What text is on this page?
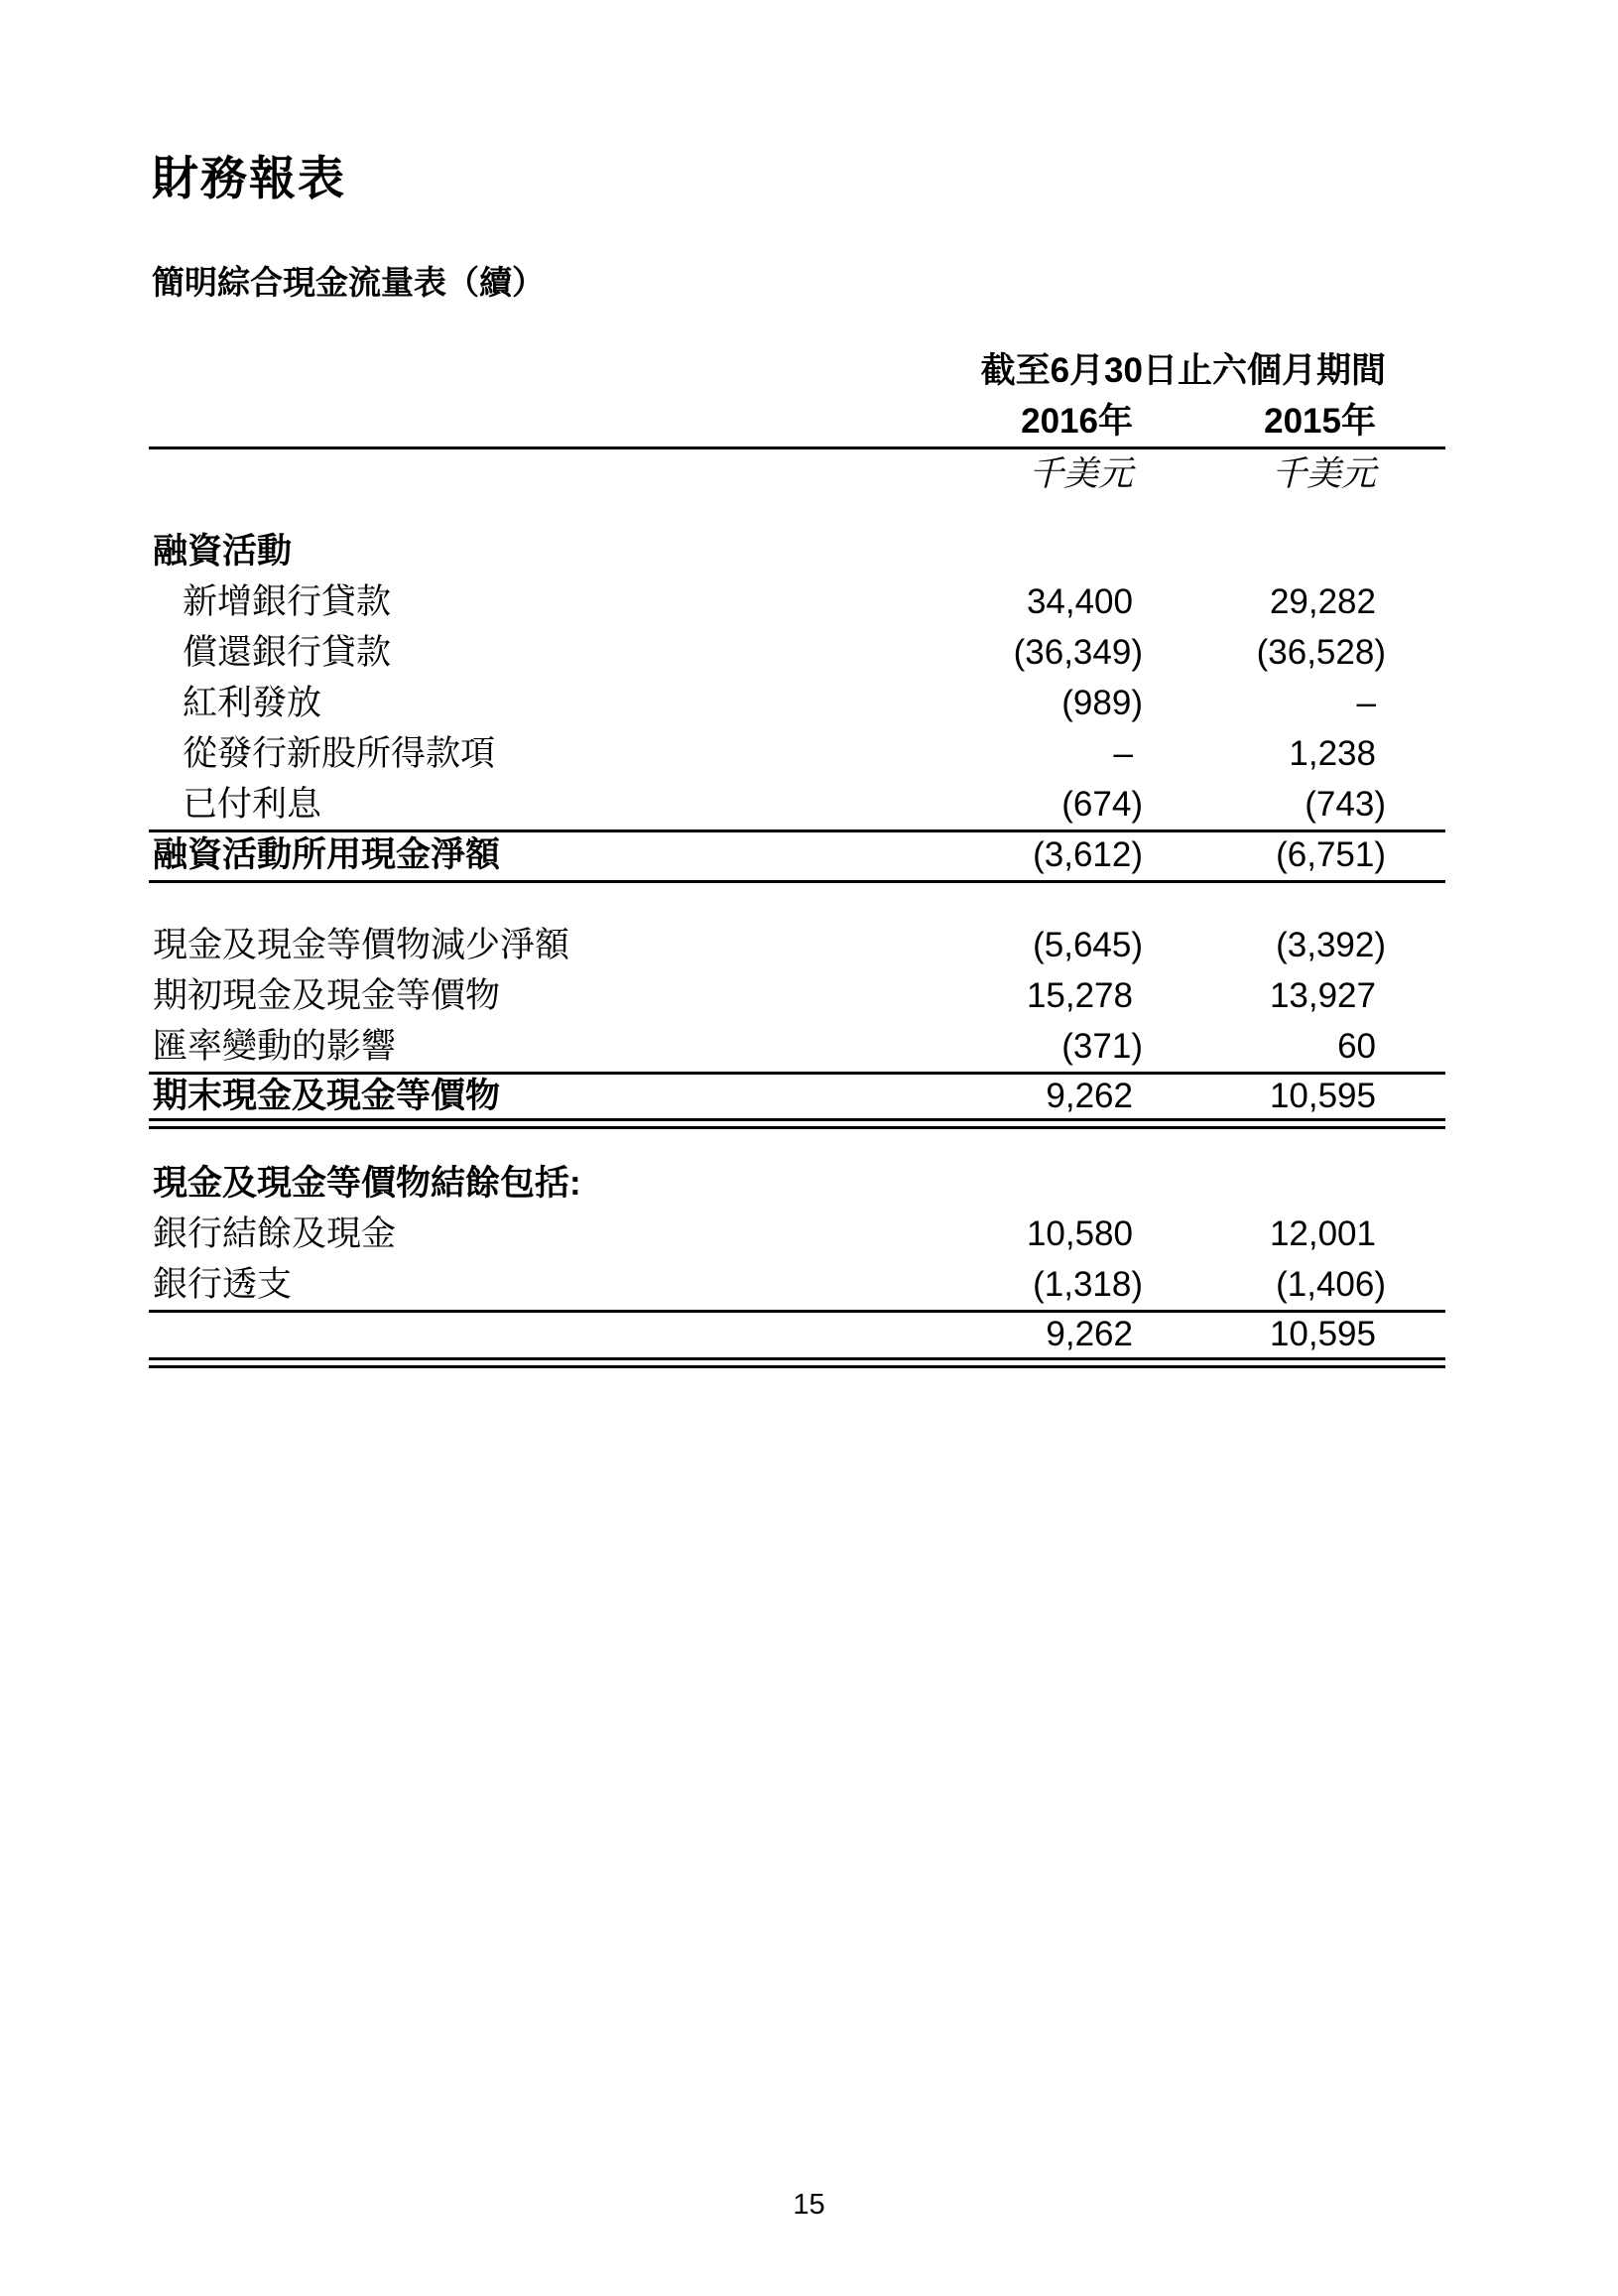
財務報表
簡明綜合現金流量表（續）
	截至6月30日止六個月期間		
	2016年	2015年	
	千美元	千美元	

融資活動			
新增銀行貸款	34,400	29,282	
償還銀行貸款	(36,349)	(36,528)	
紅利發放	(989)	–	
從發行新股所得款項	–	1,238	
已付利息	(674)	(743)	
融資活動所用現金淨額	(3,612)	(6,751)	

現金及現金等價物減少淨額	(5,645)	(3,392)	
期初現金及現金等價物	15,278	13,927	
匯率變動的影響	(371)	60	
期末現金及現金等價物	9,262	10,595	

現金及現金等價物結餘包括:			
銀行結餘及現金	10,580	12,001	
銀行透支	(1,318)	(1,406)	
	9,262	10,595	

15
